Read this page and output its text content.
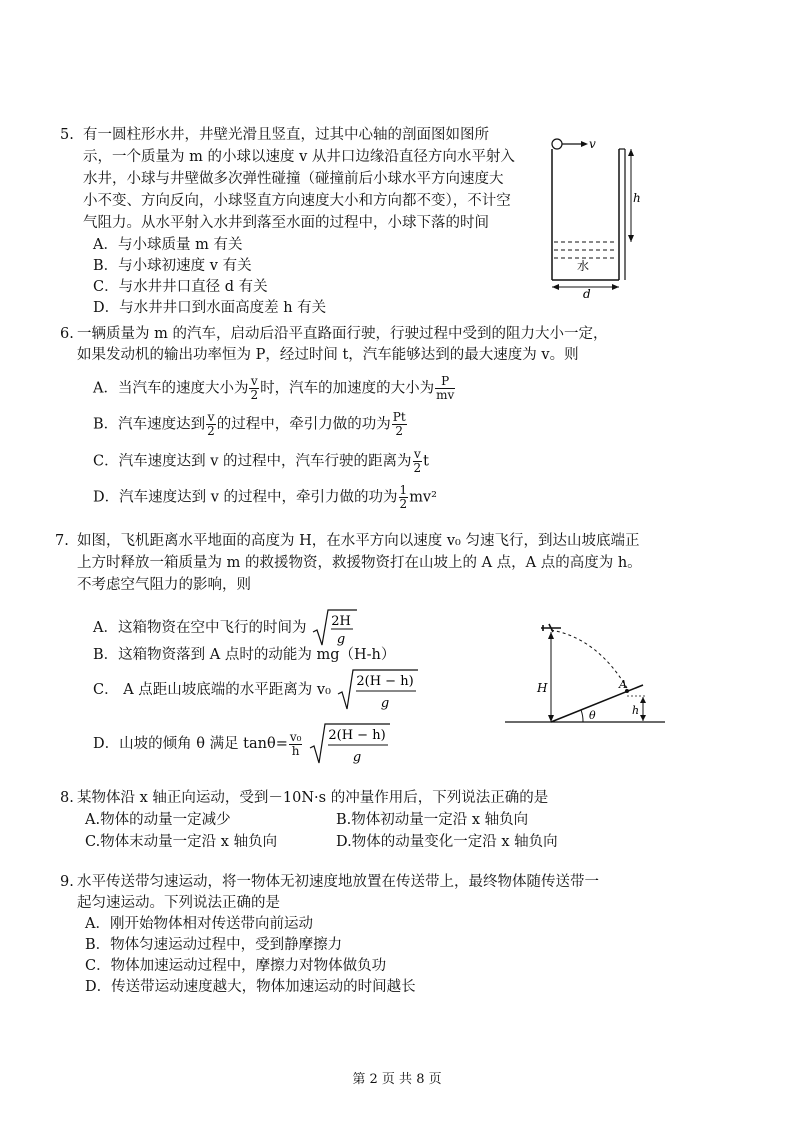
5. 有一圆柱形水井，井壁光滑且竖直，过其中心轴的剖面图如图所
示，一个质量为 m 的小球以速度 v 从井口边缘沿直径方向水平射入
水井，小球与井壁做多次弹性碰撞（碰撞前后小球水平方向速度大
小不变、方向反向，小球竖直方向速度大小和方向都不变），不计空
气阻力。从水平射入水井到落至水面的过程中，小球下落的时间
A．与小球质量 m 有关
B．与小球初速度 v 有关
C．与水井井口直径 d 有关
D．与水井井口到水面高度差 h 有关
v
水
h
d
6. 一辆质量为 m 的汽车，启动后沿平直路面行驶，行驶过程中受到的阻力大小一定，
如果发动机的输出功率恒为 P，经过时间 t，汽车能够达到的最大速度为 v。则
A．当汽车的速度大小为 $\frac{v}{2}$ 时，汽车的加速度的大小为 $\frac{P}{mv}$
B．汽车速度达到 $\frac{v}{2}$ 的过程中，牵引力做的功为 $\frac{Pt}{2}$
C．汽车速度达到 v 的过程中，汽车行驶的距离为 $\frac{v}{2}$ t
D．汽车速度达到 v 的过程中，牵引力做的功为 $\frac{1}{2} mv^2$
7. 如图，飞机距离水平地面的高度为 H，在水平方向以速度 v₀ 匀速飞行，到达山坡底端正
上方时释放一箱质量为 m 的救援物资，救援物资打在山坡上的 A 点，A 点的高度为 h。
不考虑空气阻力的影响，则
A．这箱物资在空中飞行的时间为 2H
g
B．这箱物资落到 A 点时的动能为 mg（H-h）
C． A 点距山坡底端的水平距离为 v₀
2(H − h)
g
D．山坡的倾角 θ 满足 $\tan\theta= \frac{\text{v₀}}{h}$
2(H − h)
g
H	A
θ	h
8. 某物体沿 x 轴正向运动，受到－10N·s 的冲量作用后，下列说法正确的是
A.物体的动量一定减少	B.物体初动量一定沿 x 轴负向
C.物体末动量一定沿 x 轴负向	D.物体的动量变化一定沿 x 轴负向
9. 水平传送带匀速运动，将一物体无初速度地放置在传送带上，最终物体随传送带一
起匀速运动。下列说法正确的是
A．刚开始物体相对传送带向前运动
B．物体匀速运动过程中，受到静摩擦力
C．物体加速运动过程中，摩擦力对物体做负功
D．传送带运动速度越大，物体加速运动的时间越长
第 2 页 共 8 页
